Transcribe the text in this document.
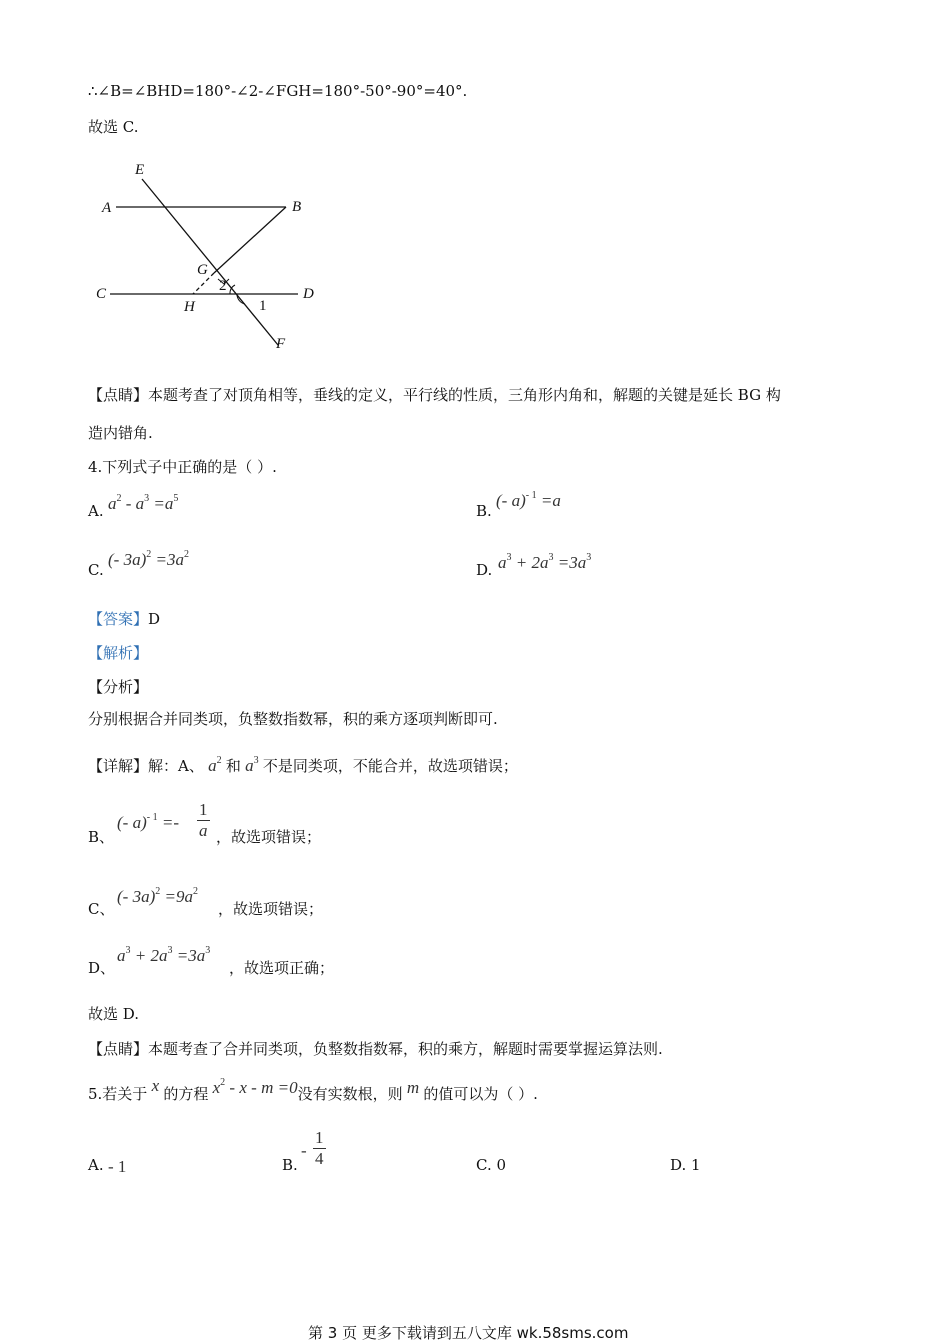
∴∠B=∠BHD=180°-∠2-∠FGH=180°-50°-90°=40°.
故选 C.
E
A	B
G
C
H
D
F
1
2
【点睛】本题考查了对顶角相等，垂线的定义，平行线的性质，三角形内角和，解题的关键是延长 BG 构
造内错角.
4.下列式子中正确的是（ ）.
A. $a^2 - a^3 =a^5$
B.
(- a)$^{- 1}$ =a
C.
(- $3a)^2 =3a^2$
D. $a^3 + 2a^3 =3a^3$
【答案】D
【解析】
【分析】
分别根据合并同类项，负整数指数幂，积的乘方逐项判断即可.
【详解】解：A、 $a^2$ 和 $a^3$ 不是同类项，不能合并，故选项错误；
B、
(- $a)^{- 1} =- \frac{1}{a}$ ，故选项错误；
C、
(- $3a)^2 =9a^2$
，故选项错误；
D、
$a^3 + 2a^3 =3a^3$
，故选项正确；
故选 D.
【点睛】本题考查了合并同类项，负整数指数幂，积的乘方，解题时需要掌握运算法则.
5.若关于 x 的方程 $x^2 - x - m =0$没有实数根，则 m 的值可以为（ ）.
A. - 1	B.
- $\frac{1}{4}$	C. 0	D. 1
第 3 页 更多下载请到五八文库 wk.58sms.com
